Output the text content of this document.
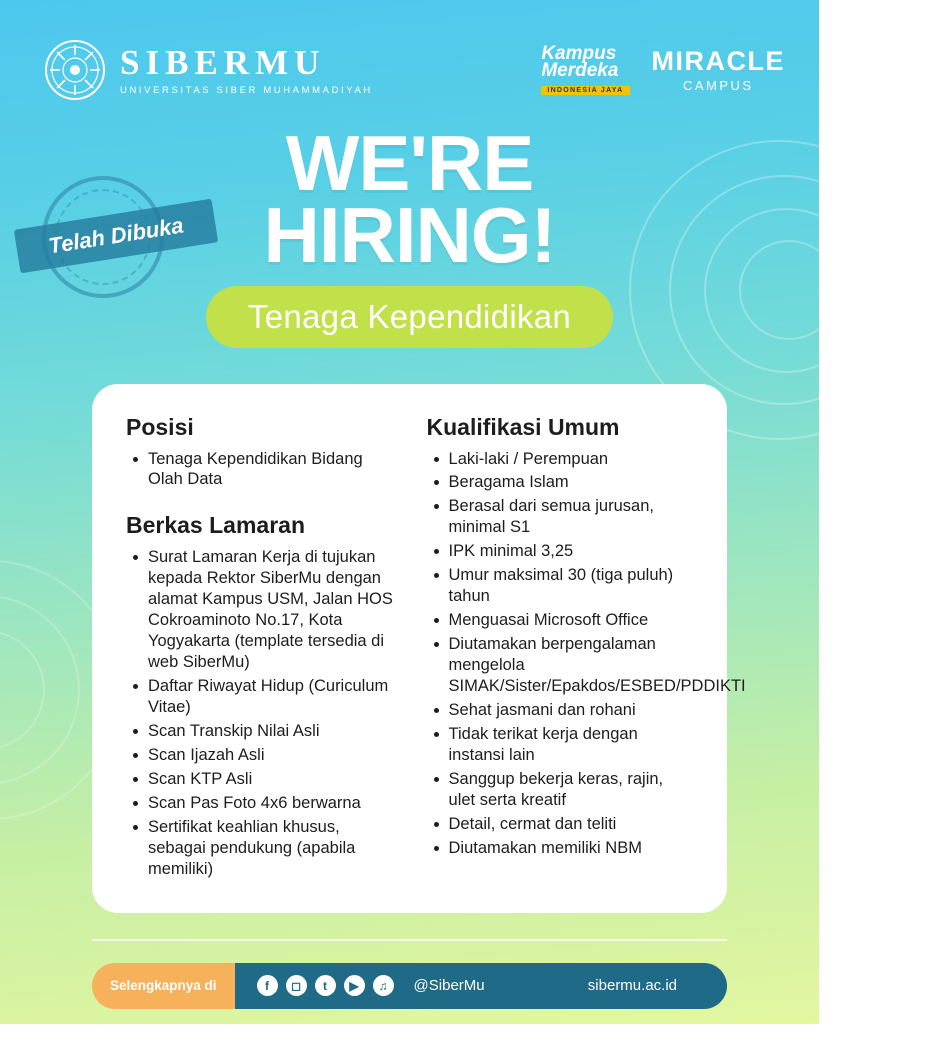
SIBERMU
UNIVERSITAS SIBER MUHAMMADIYAH
Kampus
Merdeka
INDONESIA JAYA
MIRACLE
CAMPUS
Telah Dibuka
WE'RE
HIRING!
Tenaga Kependidikan
Posisi
Tenaga Kependidikan Bidang Olah Data
Berkas Lamaran
Surat Lamaran Kerja di tujukan kepada Rektor SiberMu dengan alamat Kampus USM, Jalan HOS Cokroaminoto No.17, Kota Yogyakarta (template tersedia di web SiberMu)
Daftar Riwayat Hidup (Curiculum Vitae)
Scan Transkip Nilai Asli
Scan Ijazah Asli
Scan KTP Asli
Scan Pas Foto 4x6 berwarna
Sertifikat keahlian khusus, sebagai pendukung (apabila memiliki)
Kualifikasi Umum
Laki-laki / Perempuan
Beragama Islam
Berasal dari semua jurusan, minimal S1
IPK minimal 3,25
Umur maksimal 30 (tiga puluh) tahun
Menguasai Microsoft Office
Diutamakan berpengalaman mengelola SIMAK/Sister/Epakdos/ESBED/PDDIKTI
Sehat jasmani dan rohani
Tidak terikat kerja dengan instansi lain
Sanggup bekerja keras, rajin, ulet serta kreatif
Detail, cermat dan teliti
Diutamakan memiliki NBM
Selengkapnya di	f	◻	t	▶	♫	@SiberMu	sibermu.ac.id
Telah mendapat izin operasional dari
Menteri Pendidikan, Kebudayaan, Riset dan Teknologi Republik Indonesia Nomor: 430/E/O/2021
